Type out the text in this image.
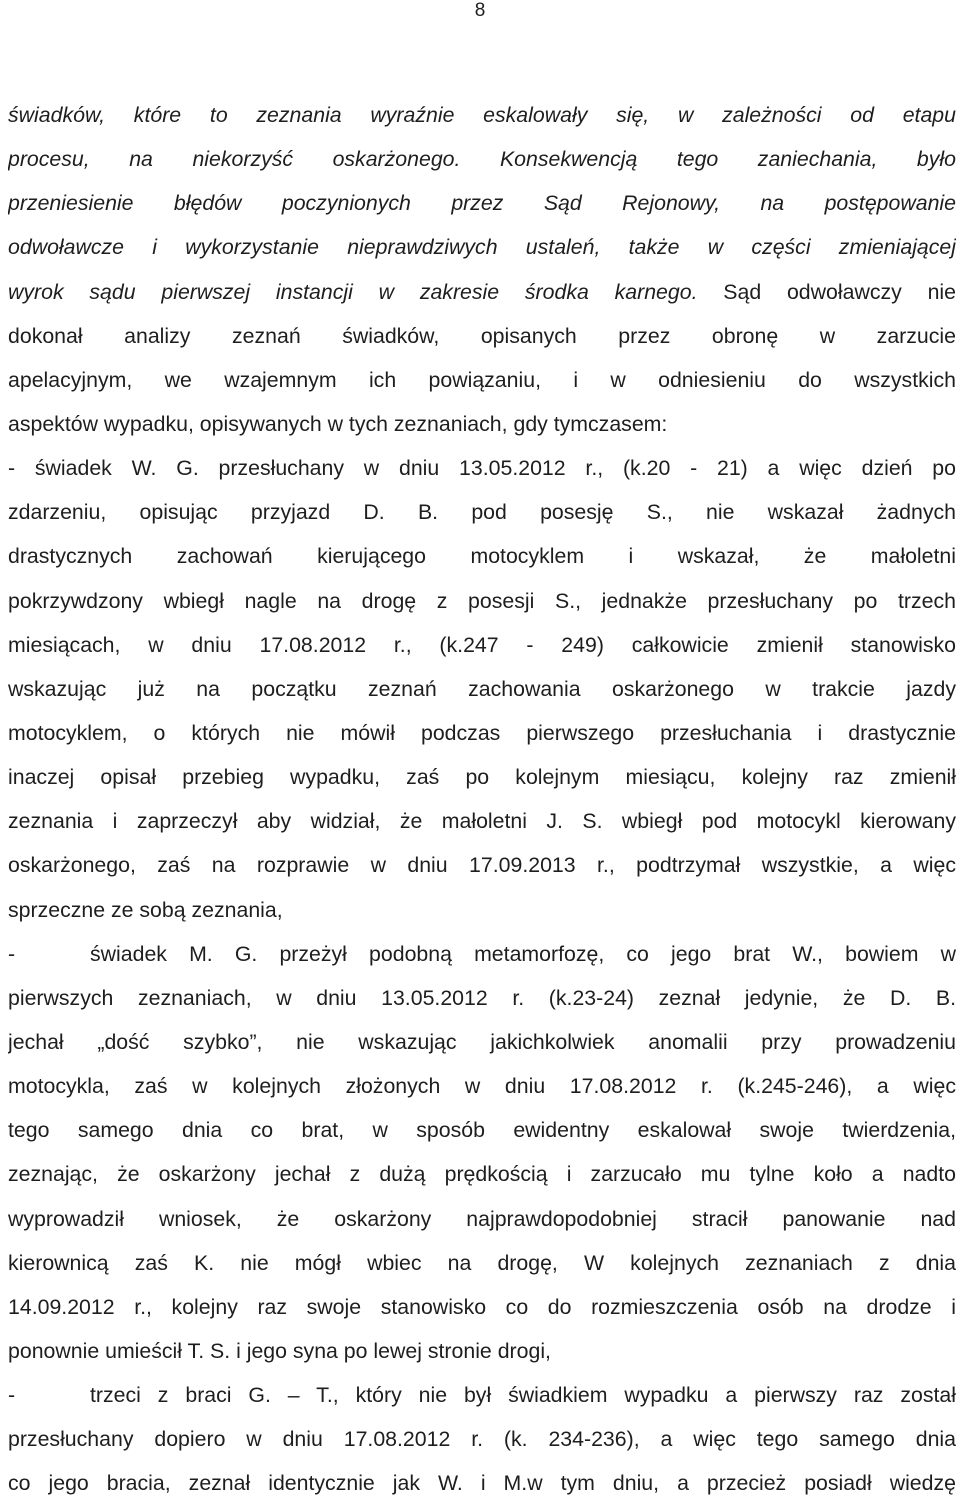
8
świadków, które to zeznania wyraźnie eskalowały się, w zależności od etapu
procesu, na niekorzyść oskarżonego. Konsekwencją tego zaniechania, było
przeniesienie błędów poczynionych przez Sąd Rejonowy, na postępowanie
odwoławcze i wykorzystanie nieprawdziwych ustaleń, także w części zmieniającej
wyrok sądu pierwszej instancji w zakresie środka karnego. Sąd odwoławczy nie
dokonał analizy zeznań świadków, opisanych przez obronę w zarzucie
apelacyjnym, we wzajemnym ich powiązaniu, i w odniesieniu do wszystkich
aspektów wypadku, opisywanych w tych zeznaniach, gdy tymczasem:
- świadek W. G. przesłuchany w dniu 13.05.2012 r., (k.20 - 21) a więc dzień po
zdarzeniu, opisując przyjazd D. B. pod posesję S., nie wskazał żadnych
drastycznych zachowań kierującego motocyklem i wskazał, że małoletni
pokrzywdzony wbiegł nagle na drogę z posesji S., jednakże przesłuchany po trzech
miesiącach, w dniu 17.08.2012 r., (k.247 - 249) całkowicie zmienił stanowisko
wskazując już na początku zeznań zachowania oskarżonego w trakcie jazdy
motocyklem, o których nie mówił podczas pierwszego przesłuchania i drastycznie
inaczej opisał przebieg wypadku, zaś po kolejnym miesiącu, kolejny raz zmienił
zeznania i zaprzeczył aby widział, że małoletni J. S. wbiegł pod motocykl kierowany
oskarżonego, zaś na rozprawie w dniu 17.09.2013 r., podtrzymał wszystkie, a więc
sprzeczne ze sobą zeznania,
-	świadek M. G. przeżył podobną metamorfozę, co jego brat W., bowiem w
pierwszych zeznaniach, w dniu 13.05.2012 r. (k.23-24) zeznał jedynie, że D. B.
jechał „dość szybko”, nie wskazując jakichkolwiek anomalii przy prowadzeniu
motocykla, zaś w kolejnych złożonych w dniu 17.08.2012 r. (k.245-246), a więc
tego samego dnia co brat, w sposób ewidentny eskalował swoje twierdzenia,
zeznając, że oskarżony jechał z dużą prędkością i zarzucało mu tylne koło a nadto
wyprowadził wniosek, że oskarżony najprawdopodobniej stracił panowanie nad
kierownicą zaś K. nie mógł wbiec na drogę, W kolejnych zeznaniach z dnia
14.09.2012 r., kolejny raz swoje stanowisko co do rozmieszczenia osób na drodze i
ponownie umieścił T. S. i jego syna po lewej stronie drogi,
-	trzeci z braci G. – T., który nie był świadkiem wypadku a pierwszy raz został
przesłuchany dopiero w dniu 17.08.2012 r. (k. 234-236), a więc tego samego dnia
co jego bracia, zeznał identycznie jak W. i M.w tym dniu, a przecież posiadł wiedzę
